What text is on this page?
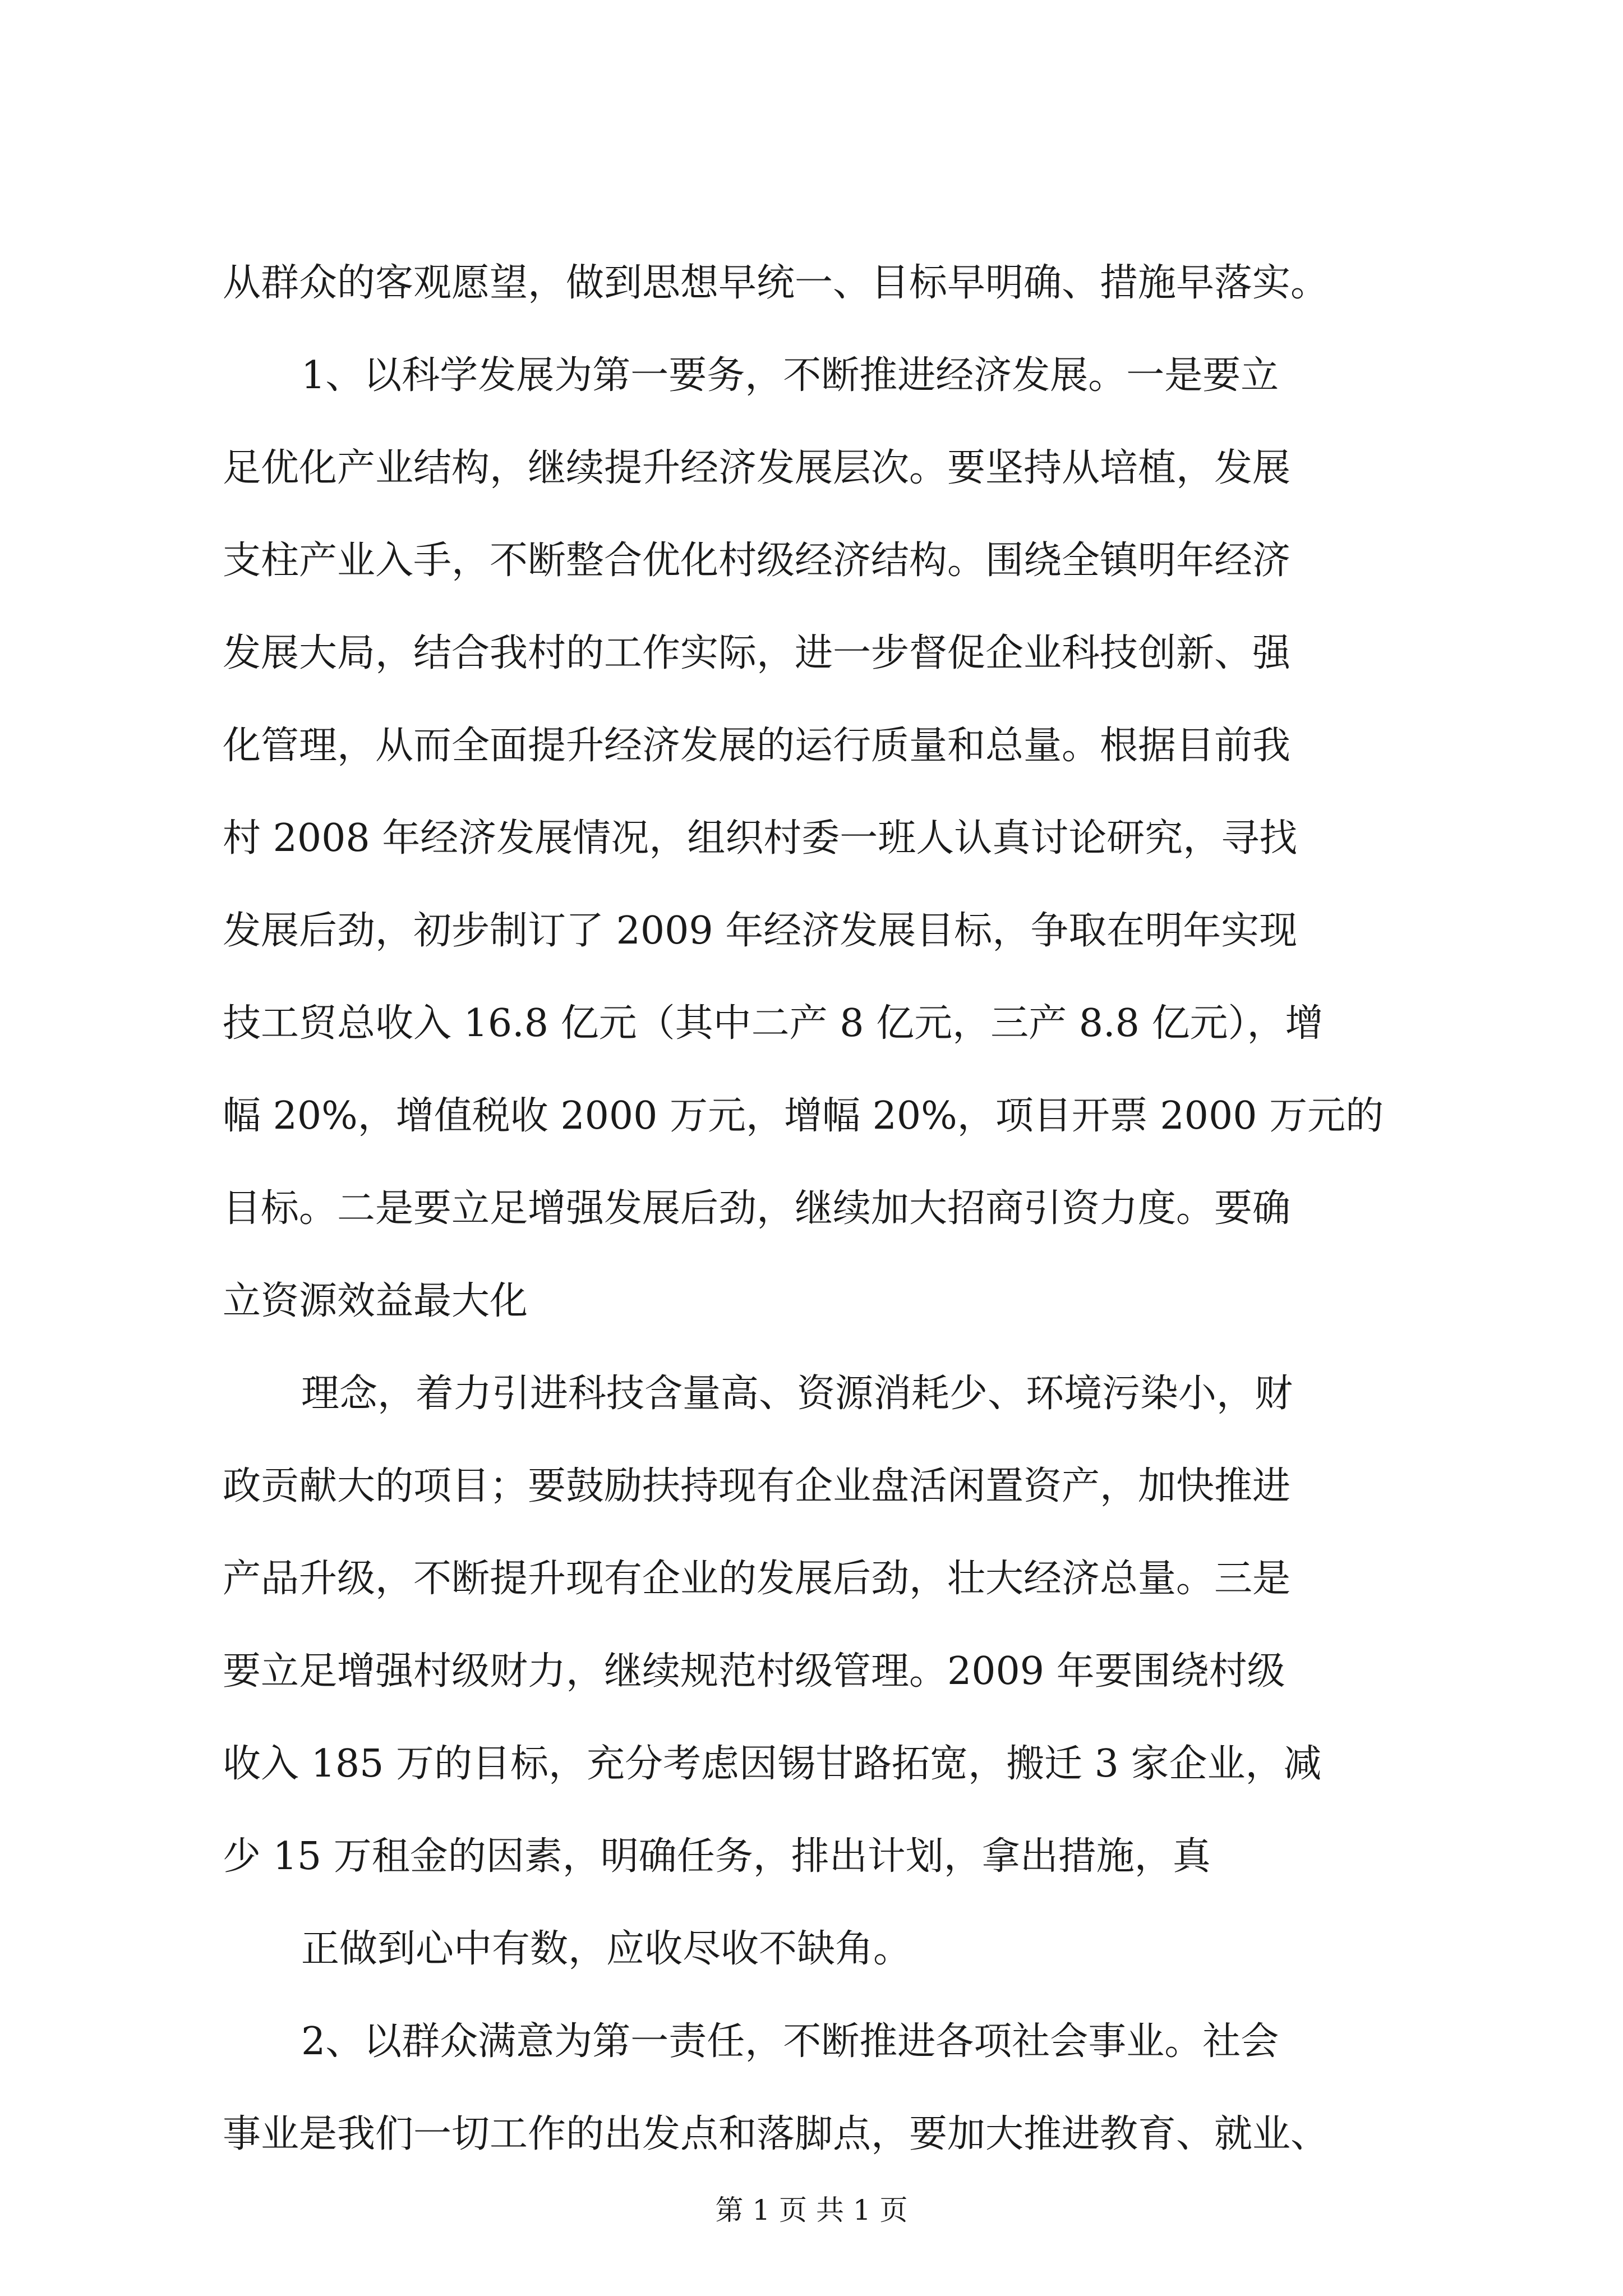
从群众的客观愿望，做到思想早统一、目标早明确、措施早落实。
1、以科学发展为第一要务，不断推进经济发展。一是要立
足优化产业结构，继续提升经济发展层次。要坚持从培植，发展
支柱产业入手，不断整合优化村级经济结构。围绕全镇明年经济
发展大局，结合我村的工作实际，进一步督促企业科技创新、强
化管理，从而全面提升经济发展的运行质量和总量。根据目前我
村 2008 年经济发展情况，组织村委一班人认真讨论研究，寻找
发展后劲，初步制订了 2009 年经济发展目标，争取在明年实现
技工贸总收入 16.8 亿元（其中二产 8 亿元，三产 8.8 亿元），增
幅 20%，增值税收 2000 万元，增幅 20%，项目开票 2000 万元的
目标。二是要立足增强发展后劲，继续加大招商引资力度。要确
立资源效益最大化
理念，着力引进科技含量高、资源消耗少、环境污染小，财
政贡献大的项目；要鼓励扶持现有企业盘活闲置资产，加快推进
产品升级，不断提升现有企业的发展后劲，壮大经济总量。三是
要立足增强村级财力，继续规范村级管理。2009 年要围绕村级
收入 185 万的目标，充分考虑因锡甘路拓宽，搬迁 3 家企业，减
少 15 万租金的因素，明确任务，排出计划，拿出措施，真
正做到心中有数，应收尽收不缺角。
2、以群众满意为第一责任，不断推进各项社会事业。社会
事业是我们一切工作的出发点和落脚点，要加大推进教育、就业、
第 1 页 共 1 页
